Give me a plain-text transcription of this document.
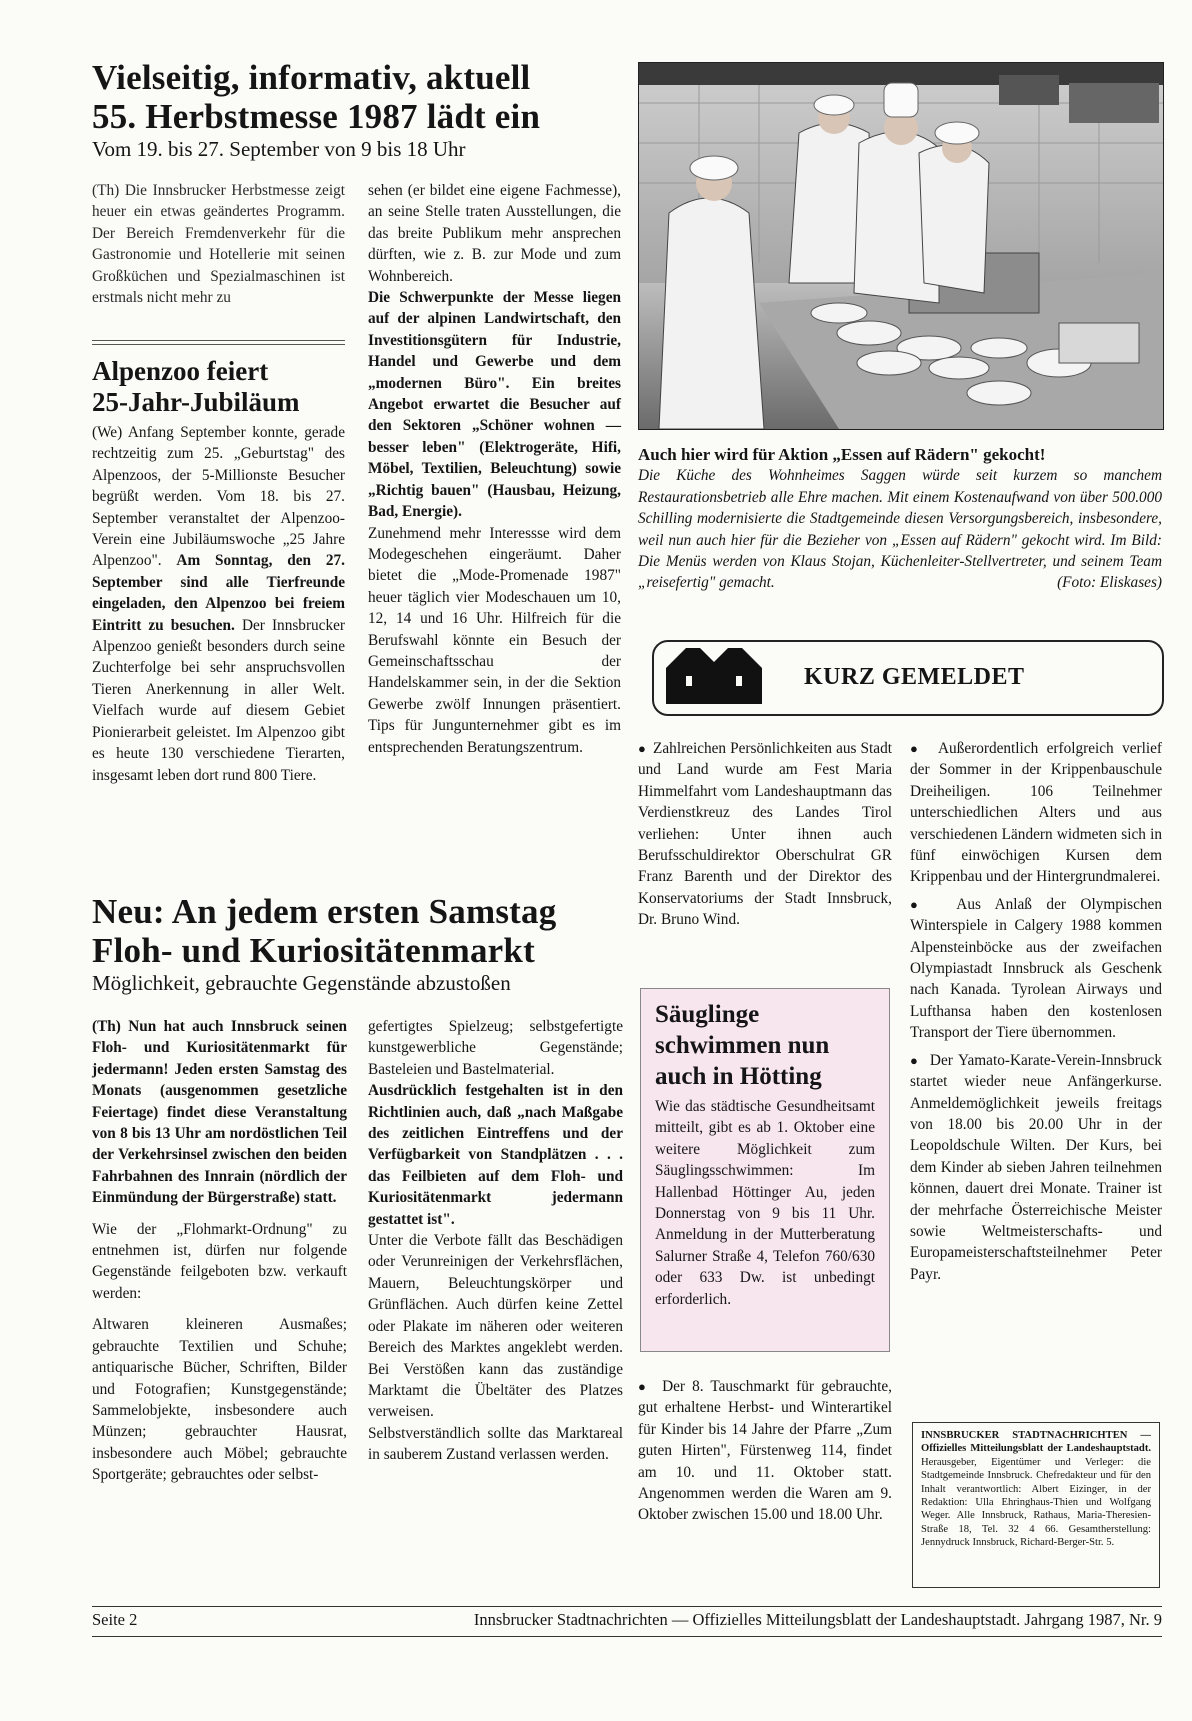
Vielseitig, informativ, aktuell
55. Herbstmesse 1987 lädt ein
Vom 19. bis 27. September von 9 bis 18 Uhr

(Th) Die Innsbrucker Herbstmesse zeigt heuer ein etwas geändertes Programm. Der Bereich Fremdenverkehr für die Gastronomie und Hotellerie mit seinen Großküchen und Spezialmaschinen ist erstmals nicht mehr zu

Alpenzoo feiert
25-Jahr-Jubiläum

(We) Anfang September konnte, gerade rechtzeitig zum 25. „Geburtstag" des Alpenzoos, der 5-Millionste Besucher begrüßt werden. Vom 18. bis 27. September veranstaltet der Alpenzoo-Verein eine Jubiläumswoche „25 Jahre Alpenzoo". Am Sonntag, den 27. September sind alle Tierfreunde eingeladen, den Alpenzoo bei freiem Eintritt zu besuchen. Der Innsbrucker Alpenzoo genießt besonders durch seine Zuchterfolge bei sehr anspruchsvollen Tieren Anerkennung in aller Welt. Vielfach wurde auf diesem Gebiet Pionierarbeit geleistet. Im Alpenzoo gibt es heute 130 verschiedene Tierarten, insgesamt leben dort rund 800 Tiere.

sehen (er bildet eine eigene Fachmesse), an seine Stelle traten Ausstellungen, die das breite Publikum mehr ansprechen dürften, wie z. B. zur Mode und zum Wohnbereich.

Die Schwerpunkte der Messe liegen auf der alpinen Landwirtschaft, den Investitionsgütern für Industrie, Handel und Gewerbe und dem „modernen Büro". Ein breites Angebot erwartet die Besucher auf den Sektoren „Schöner wohnen — besser leben" (Elektrogeräte, Hifi, Möbel, Textilien, Beleuchtung) sowie „Richtig bauen" (Hausbau, Heizung, Bad, Energie).

Zunehmend mehr Interessse wird dem Modegeschehen eingeräumt. Daher bietet die „Mode-Promenade 1987" heuer täglich vier Modeschauen um 10, 12, 14 und 16 Uhr. Hilfreich für die Berufswahl könnte ein Besuch der Gemeinschaftsschau der Handelskammer sein, in der die Sektion Gewerbe zwölf Innungen präsentiert. Tips für Jungunternehmer gibt es im entsprechenden Beratungszentrum.

Auch hier wird für Aktion „Essen auf Rädern" gekocht!
Die Küche des Wohnheimes Saggen würde seit kurzem so manchem Restaurationsbetrieb alle Ehre machen. Mit einem Kostenaufwand von über 500.000 Schilling modernisierte die Stadtgemeinde diesen Versorgungsbereich, insbesondere, weil nun auch hier für die Bezieher von „Essen auf Rädern" gekocht wird. Im Bild: Die Menüs werden von Klaus Stojan, Küchenleiter-Stellvertreter, und seinem Team „reisefertig" gemacht.	(Foto: Eliskases)
KURZ GEMELDET

●  Zahlreichen Persönlichkeiten aus Stadt und Land wurde am Fest Maria Himmelfahrt vom Landeshauptmann das Verdienstkreuz des Landes Tirol verliehen: Unter ihnen auch Berufsschuldirektor Oberschulrat GR Franz Barenth und der Direktor des Konservatoriums der Stadt Innsbruck, Dr. Bruno Wind.

Säuglinge
schwimmen nun
auch in Hötting
Wie das städtische Gesundheitsamt mitteilt, gibt es ab 1. Oktober eine weitere Möglichkeit zum Säuglingsschwimmen: Im Hallenbad Höttinger Au, jeden Donnerstag von 9 bis 11 Uhr. Anmeldung in der Mutterberatung Salurner Straße 4, Telefon 760/630 oder 633 Dw. ist unbedingt erforderlich.

●  Der 8. Tauschmarkt für gebrauchte, gut erhaltene Herbst- und Winterartikel für Kinder bis 14 Jahre der Pfarre „Zum guten Hirten", Fürstenweg 114, findet am 10. und 11. Oktober statt. Angenommen werden die Waren am 9. Oktober zwischen 15.00 und 18.00 Uhr.

●  Außerordentlich erfolgreich verlief der Sommer in der Krippenbauschule Dreiheiligen. 106 Teilnehmer unterschiedlichen Alters und aus verschiedenen Ländern widmeten sich in fünf einwöchigen Kursen dem Krippenbau und der Hintergrundmalerei.

●  Aus Anlaß der Olympischen Winterspiele in Calgery 1988 kommen Alpensteinböcke aus der zweifachen Olympiastadt Innsbruck als Geschenk nach Kanada. Tyrolean Airways und Lufthansa haben den kostenlosen Transport der Tiere übernommen.

●  Der Yamato-Karate-Verein-Innsbruck startet wieder neue Anfängerkurse. Anmeldemöglichkeit jeweils freitags von 18.00 bis 20.00 Uhr in der Leopoldschule Wilten. Der Kurs, bei dem Kinder ab sieben Jahren teilnehmen können, dauert drei Monate. Trainer ist der mehrfache Österreichische Meister sowie Weltmeisterschafts- und Europameisterschaftsteilnehmer Peter Payr.

INNSBRUCKER STADTNACHRICHTEN — Offizielles Mitteilungsblatt der Landeshauptstadt. Herausgeber, Eigentümer und Verleger: die Stadtgemeinde Innsbruck. Chefredakteur und für den Inhalt verantwortlich: Albert Eizinger, in der Redaktion: Ulla Ehringhaus-Thien und Wolfgang Weger. Alle Innsbruck, Rathaus, Maria-Theresien-Straße 18, Tel. 32 4 66. Gesamtherstellung: Jennydruck Innsbruck, Richard-Berger-Str. 5.
Neu: An jedem ersten Samstag
Floh- und Kuriositätenmarkt
Möglichkeit, gebrauchte Gegenstände abzustoßen

(Th) Nun hat auch Innsbruck seinen Floh- und Kuriositätenmarkt für jedermann! Jeden ersten Samstag des Monats (ausgenommen gesetzliche Feiertage) findet diese Veranstaltung von 8 bis 13 Uhr am nordöstlichen Teil der Verkehrsinsel zwischen den beiden Fahrbahnen des Innrain (nördlich der Einmündung der Bürgerstraße) statt.

Wie der „Flohmarkt-Ordnung" zu entnehmen ist, dürfen nur folgende Gegenstände feilgeboten bzw. verkauft werden:

Altwaren kleineren Ausmaßes; gebrauchte Textilien und Schuhe; antiquarische Bücher, Schriften, Bilder und Fotografien; Kunstgegenstände; Sammelobjekte, insbesondere auch Münzen; gebrauchter Hausrat, insbesondere auch Möbel; gebrauchte Sportgeräte; gebrauchtes oder selbst-

gefertigtes Spielzeug; selbstgefertigte kunstgewerbliche Gegenstände; Basteleien und Bastelmaterial.

Ausdrücklich festgehalten ist in den Richtlinien auch, daß „nach Maßgabe des zeitlichen Eintreffens und der Verfügbarkeit von Standplätzen . . . das Feilbieten auf dem Floh- und Kuriositätenmarkt jedermann gestattet ist".

Unter die Verbote fällt das Beschädigen oder Verunreinigen der Verkehrsflächen, Mauern, Beleuchtungskörper und Grünflächen. Auch dürfen keine Zettel oder Plakate im näheren oder weiteren Bereich des Marktes angeklebt werden. Bei Verstößen kann das zuständige Marktamt die Übeltäter des Platzes verweisen.

Selbstverständlich sollte das Marktareal in sauberem Zustand verlassen werden.

Seite 2	Innsbrucker Stadtnachrichten — Offizielles Mitteilungsblatt der Landeshauptstadt. Jahrgang 1987, Nr. 9
